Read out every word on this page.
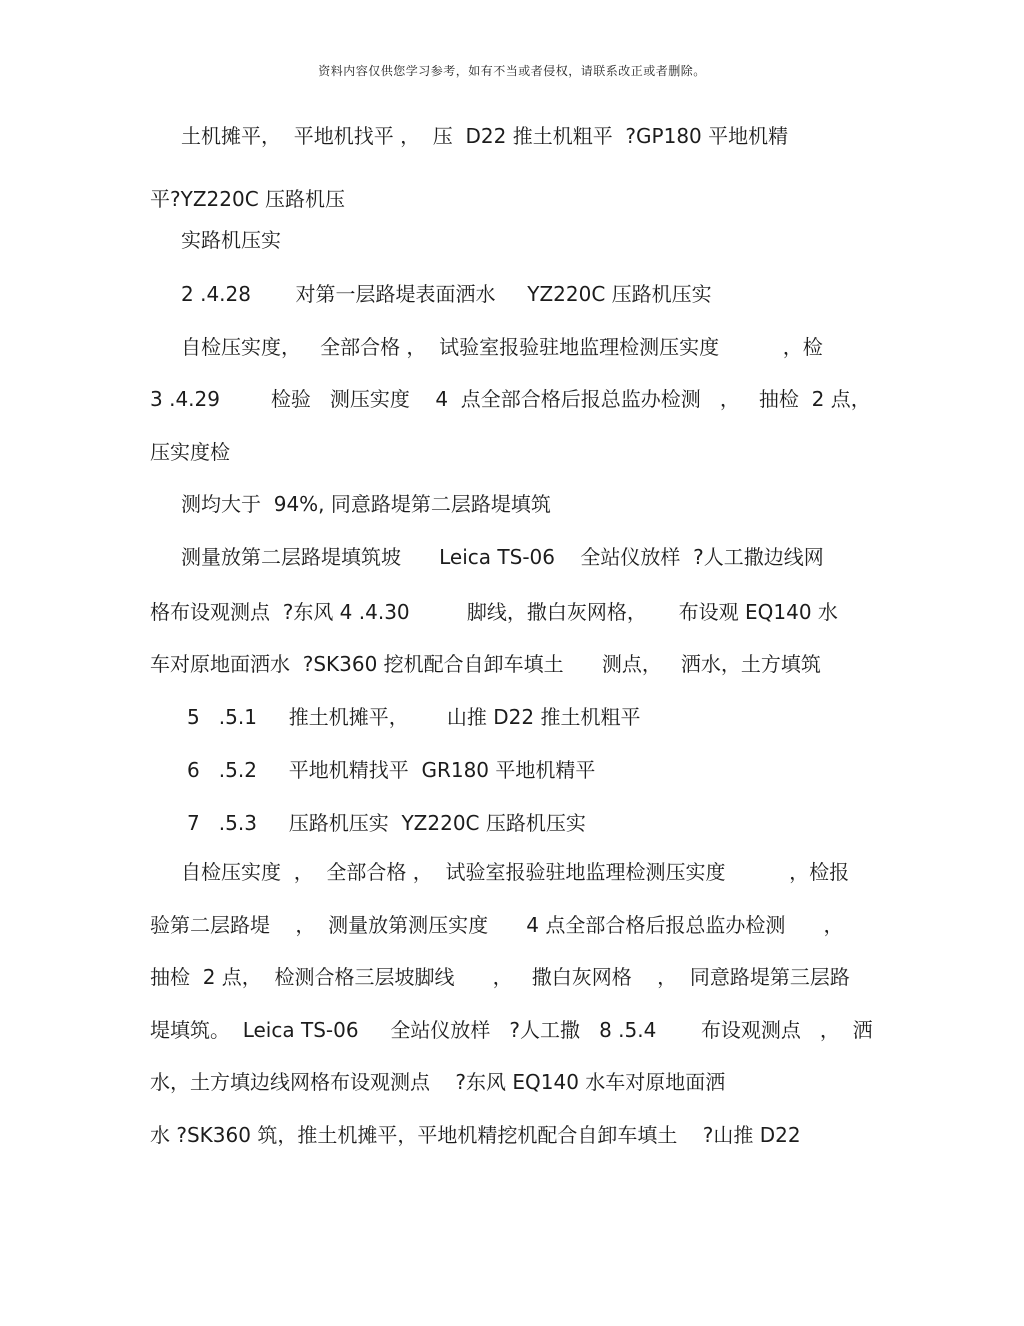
资料内容仅供您学习参考，如有不当或者侵权，请联系改正或者删除。
土机摊平，  平地机找平 ，  压  D22 推土机粗平  ?GP180 平地机精
平?YZ220C 压路机压
实路机压实
2 .4.28       对第一层路堤表面洒水     YZ220C 压路机压实
自检压实度，   全部合格 ，  试验室报验驻地监理检测压实度          ，检
3 .4.29        检验   测压实度    4  点全部合格后报总监办检测   ，   抽检  2 点，
压实度检
测均大于  94%, 同意路堤第二层路堤填筑
测量放第二层路堤填筑坡      Leica TS-06    全站仪放样  ?人工撒边线网
格布设观测点  ?东风 4 .4.30         脚线，撒白灰网格，     布设观 EQ140 水
车对原地面洒水  ?SK360 挖机配合自卸车填土      测点，   洒水，土方填筑
5   .5.1     推土机摊平，      山推 D22 推土机粗平
6   .5.2     平地机精找平  GR180 平地机精平
7   .5.3     压路机压实  YZ220C 压路机压实
自检压实度  ，  全部合格 ，  试验室报验驻地监理检测压实度          ，检报
验第二层路堤    ，  测量放第测压实度      4 点全部合格后报总监办检测      ，
抽检  2 点，  检测合格三层坡脚线      ，   撒白灰网格    ，  同意路堤第三层路
堤填筑。  Leica TS-06     全站仪放样   ?人工撒   8 .5.4       布设观测点   ，  洒
水，土方填边线网格布设观测点    ?东风 EQ140 水车对原地面洒
水 ?SK360 筑，推土机摊平，平地机精挖机配合自卸车填土    ?山推 D22
